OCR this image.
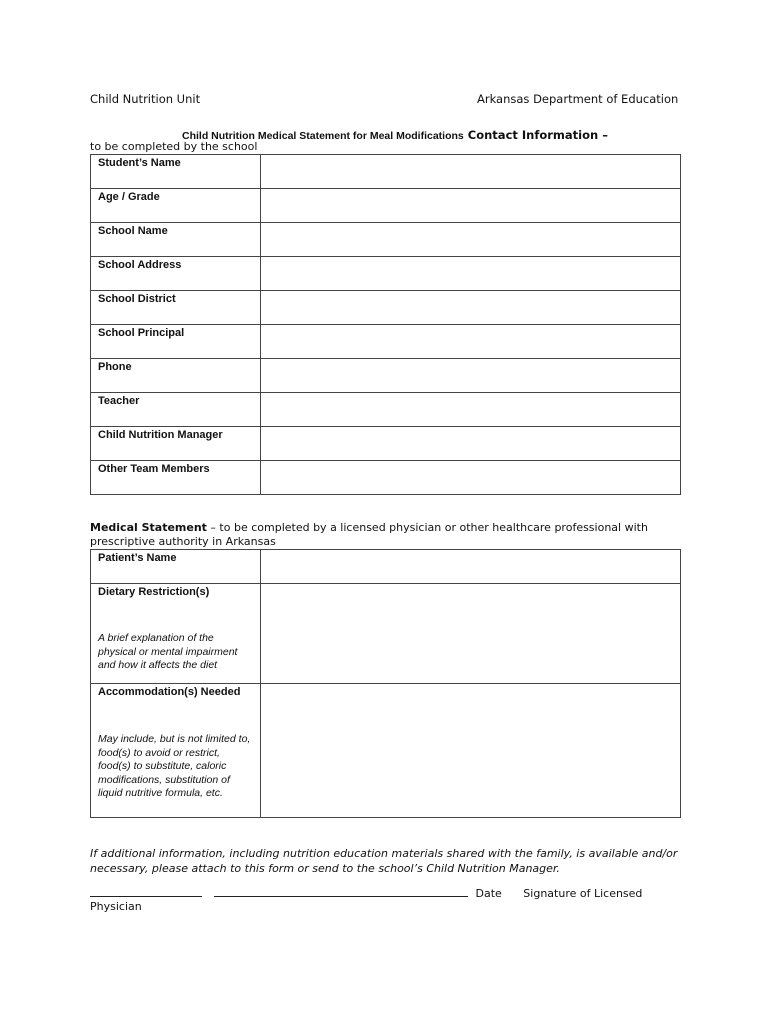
Child Nutrition Unit	Arkansas Department of Education
Child Nutrition Medical Statement for Meal Modifications Contact Information –
to be completed by the school
Student’s Name	
Age / Grade	
School Name	
School Address	
School District	
School Principal	
Phone	
Teacher	
Child Nutrition Manager	
Other Team Members	
Medical Statement – to be completed by a licensed physician or other healthcare professional with prescriptive authority in Arkansas
Patient’s Name	

Dietary Restriction(s)
A brief explanation of the physical or mental impairment and how it affects the diet	

Accommodation(s) Needed
May include, but is not limited to, food(s) to avoid or restrict, food(s) to substitute, caloric modifications, substitution of liquid nutritive formula, etc.	

If additional information, including nutrition education materials shared with the family, is available and/or necessary, please attach to this form or send to the school’s Child Nutrition Manager.
Date Signature of Licensed
Physician
